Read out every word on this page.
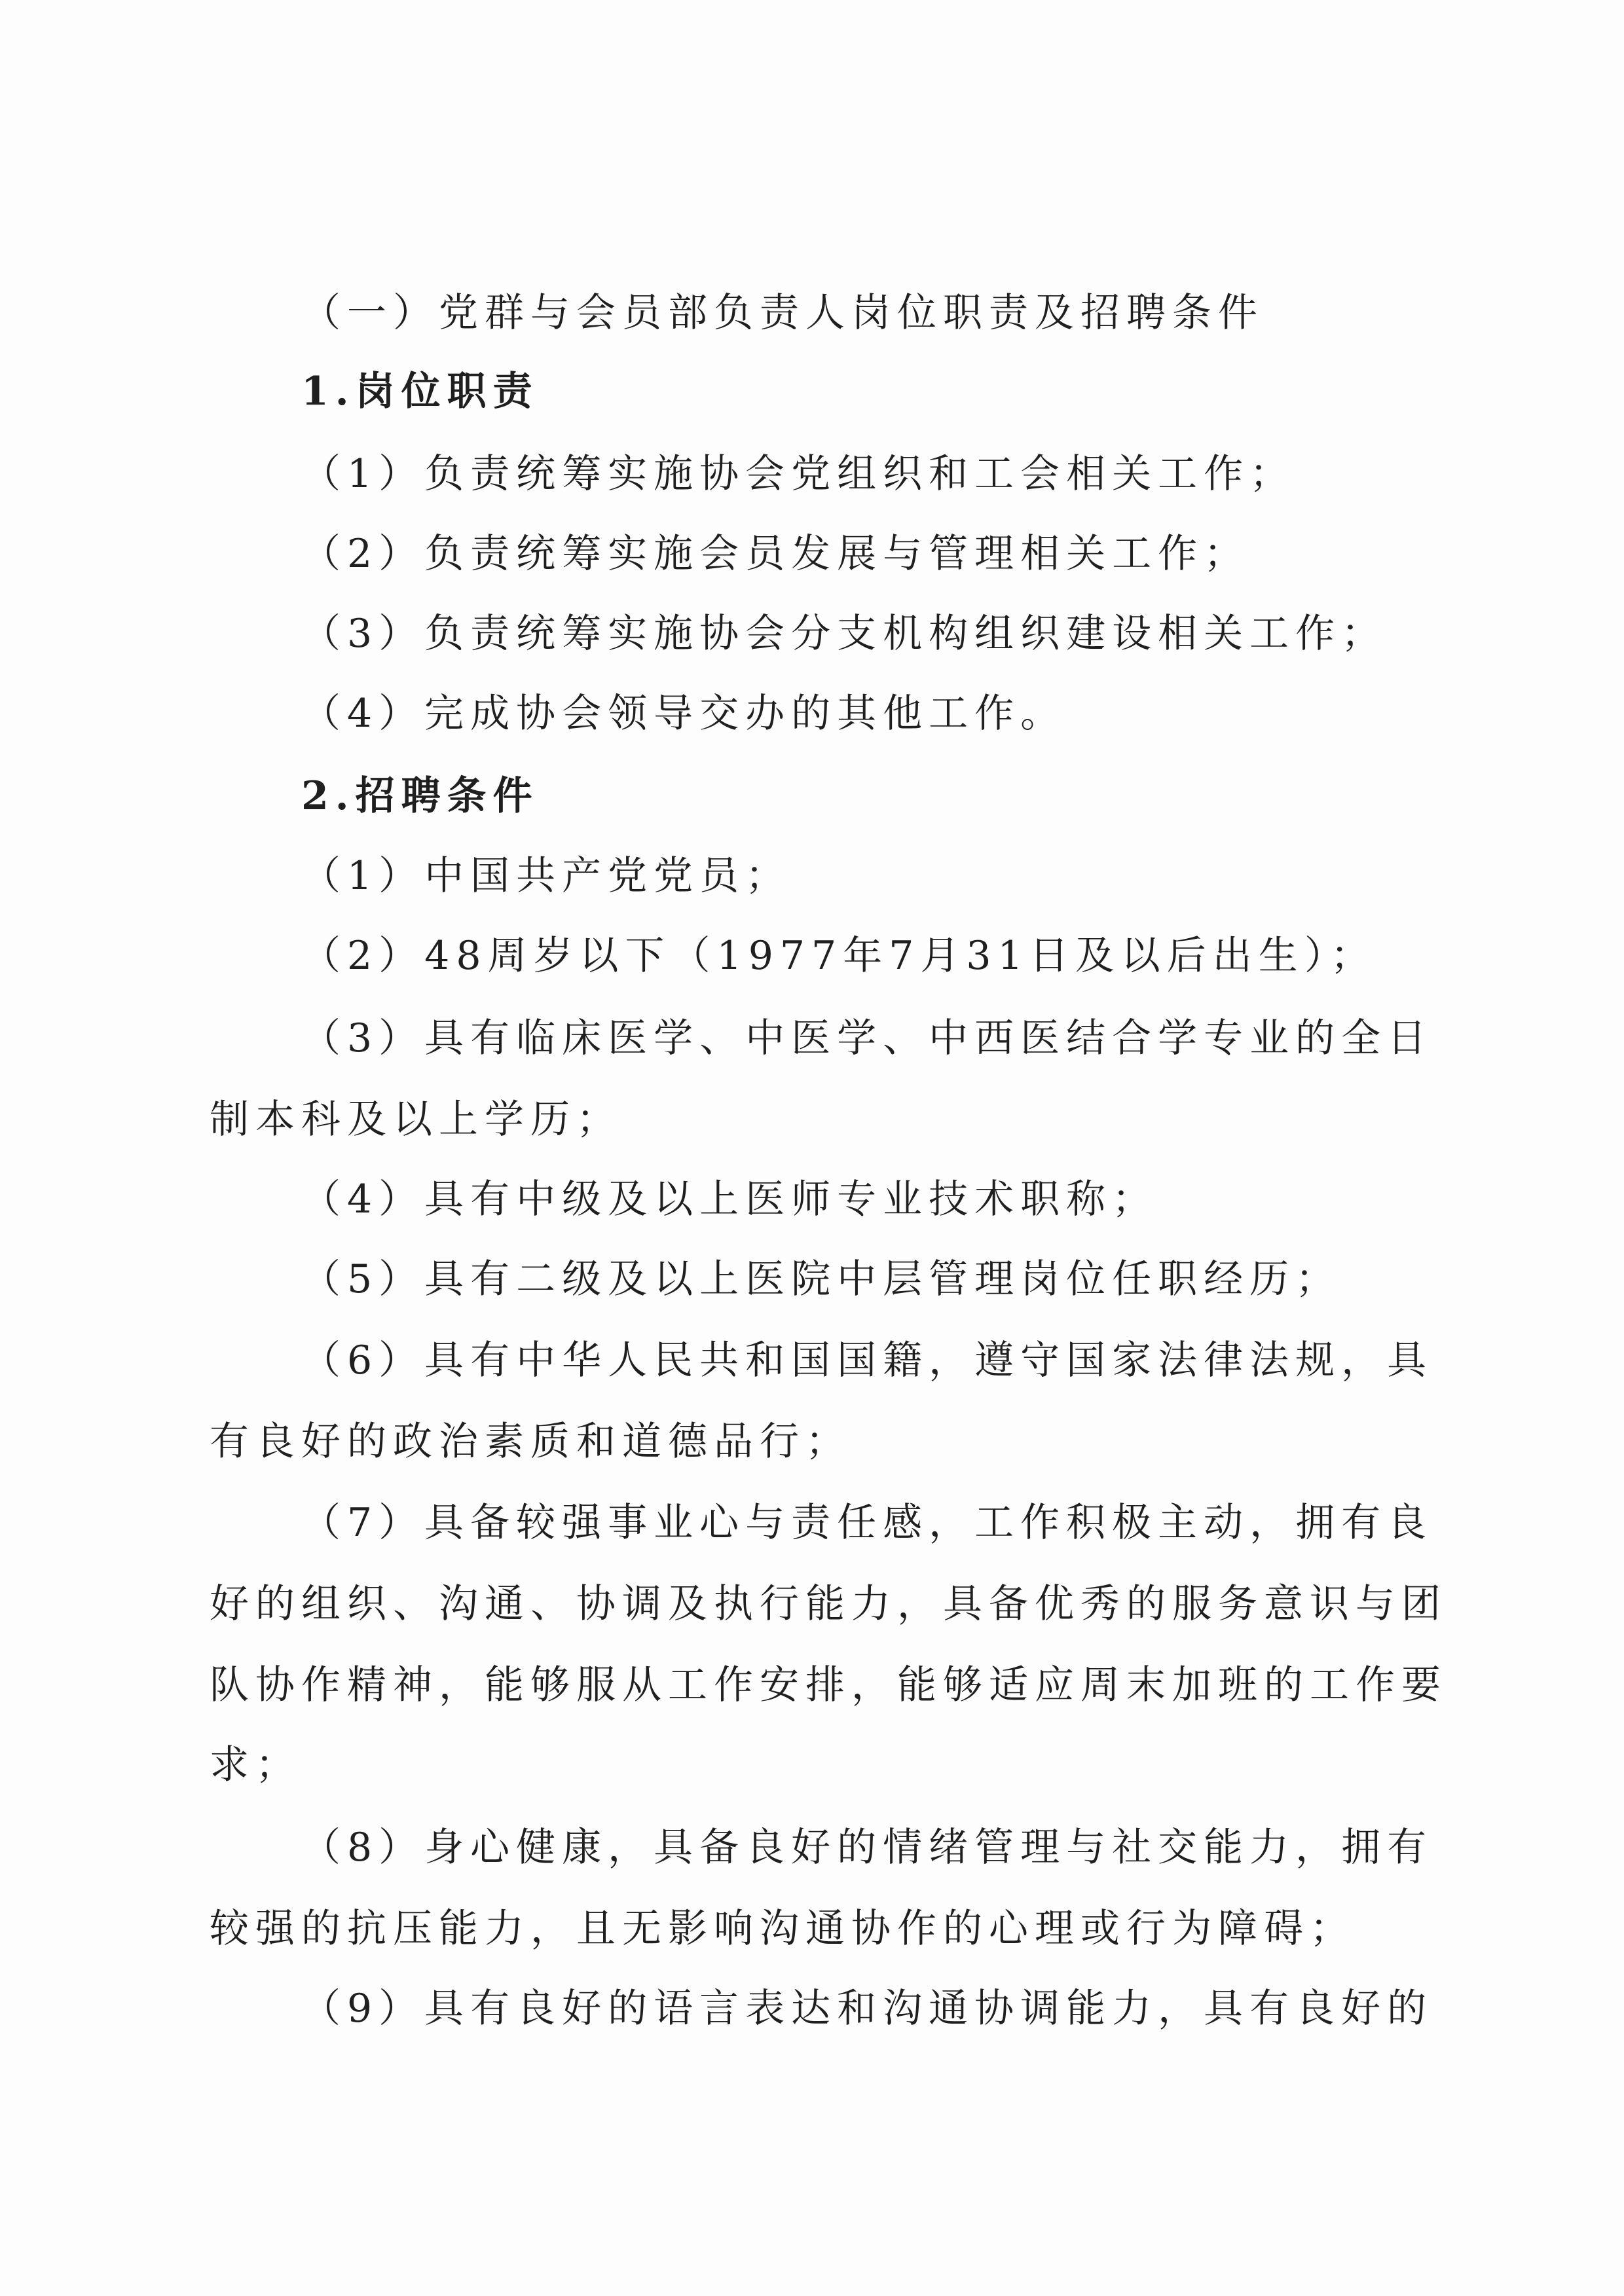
（一）党群与会员部负责人岗位职责及招聘条件
1.岗位职责
（1）负责统筹实施协会党组织和工会相关工作；
（2）负责统筹实施会员发展与管理相关工作；
（3）负责统筹实施协会分支机构组织建设相关工作；
（4）完成协会领导交办的其他工作。
2.招聘条件
（1）中国共产党党员；
（2）48周岁以下（1977年7月31日及以后出生）；
（3）具有临床医学、中医学、中西医结合学专业的全日
制本科及以上学历；
（4）具有中级及以上医师专业技术职称；
（5）具有二级及以上医院中层管理岗位任职经历；
（6）具有中华人民共和国国籍，遵守国家法律法规，具
有良好的政治素质和道德品行；
（7）具备较强事业心与责任感，工作积极主动，拥有良
好的组织、沟通、协调及执行能力，具备优秀的服务意识与团
队协作精神，能够服从工作安排，能够适应周末加班的工作要
求；
（8）身心健康，具备良好的情绪管理与社交能力，拥有
较强的抗压能力，且无影响沟通协作的心理或行为障碍；
（9）具有良好的语言表达和沟通协调能力，具有良好的
